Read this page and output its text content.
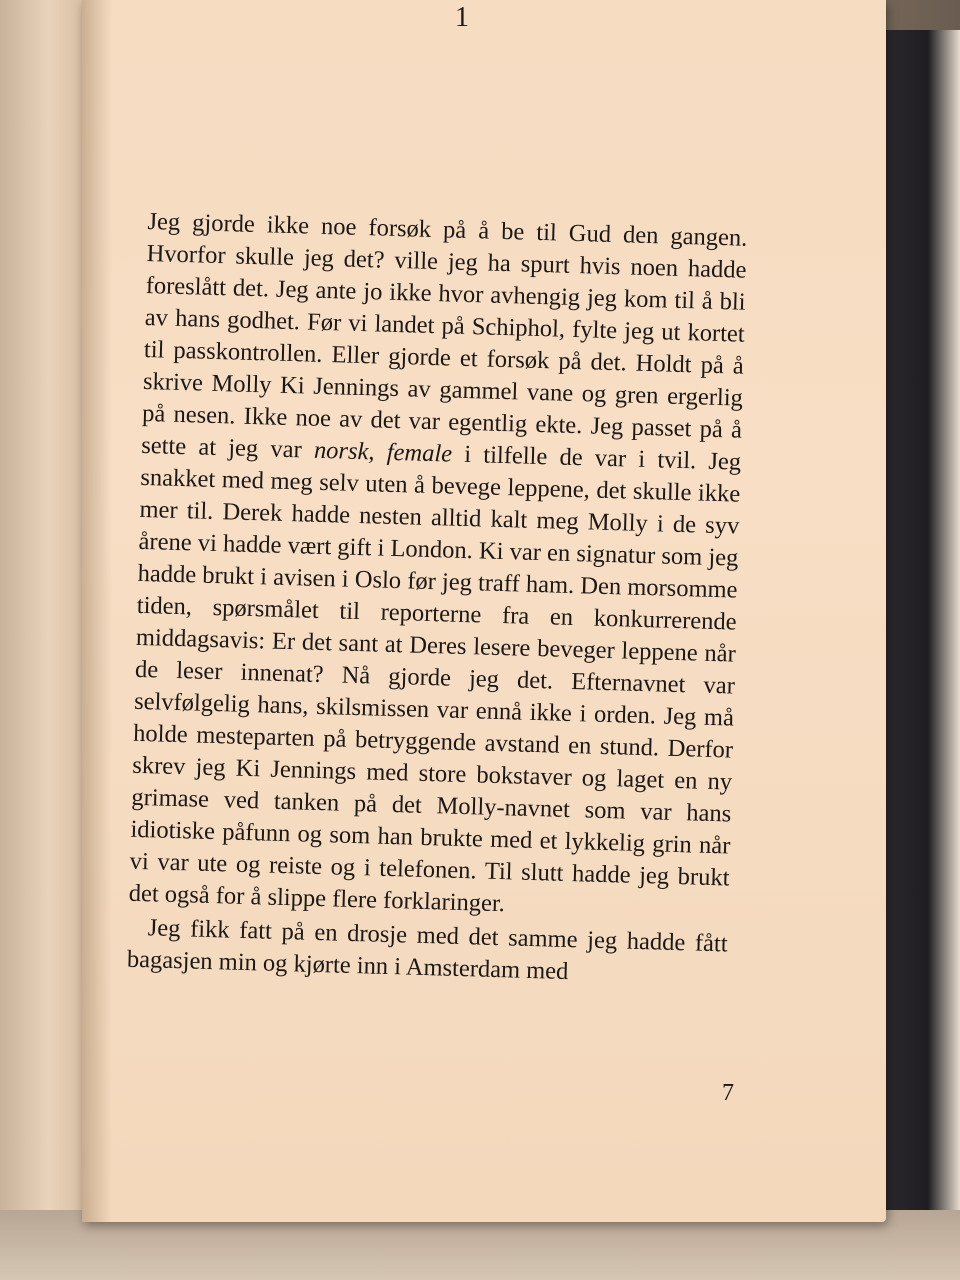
1

Jeg gjorde ikke noe forsøk på å be til Gud den gangen. Hvorfor skulle jeg det? ville jeg ha spurt hvis noen hadde foreslått det. Jeg ante jo ikke hvor avhengig jeg kom til å bli av hans godhet. Før vi landet på Schiphol, fylte jeg ut kortet til passkontrollen. Eller gjorde et forsøk på det. Holdt på å skrive Molly Ki Jennings av gammel vane og gren ergerlig på nesen. Ikke noe av det var egentlig ekte. Jeg passet på å sette at jeg var norsk, female i tilfelle de var i tvil. Jeg snakket med meg selv uten å bevege leppene, det skulle ikke mer til. Derek hadde nesten alltid kalt meg Molly i de syv årene vi hadde vært gift i London. Ki var en signatur som jeg hadde brukt i avisen i Oslo før jeg traff ham. Den morsomme tiden, spørsmålet til reporterne fra en konkurrerende middagsavis: Er det sant at Deres lesere beveger leppene når de leser innenat? Nå gjorde jeg det. Efternavnet var selvfølgelig hans, skilsmissen var ennå ikke i orden. Jeg må holde mesteparten på betryggende avstand en stund. Derfor skrev jeg Ki Jennings med store bokstaver og laget en ny grimase ved tanken på det Molly-navnet som var hans idiotiske påfunn og som han brukte med et lykkelig grin når vi var ute og reiste og i telefonen. Til slutt hadde jeg brukt det også for å slippe flere forklaringer.

Jeg fikk fatt på en drosje med det samme jeg hadde fått bagasjen min og kjørte inn i Amsterdam med

7
